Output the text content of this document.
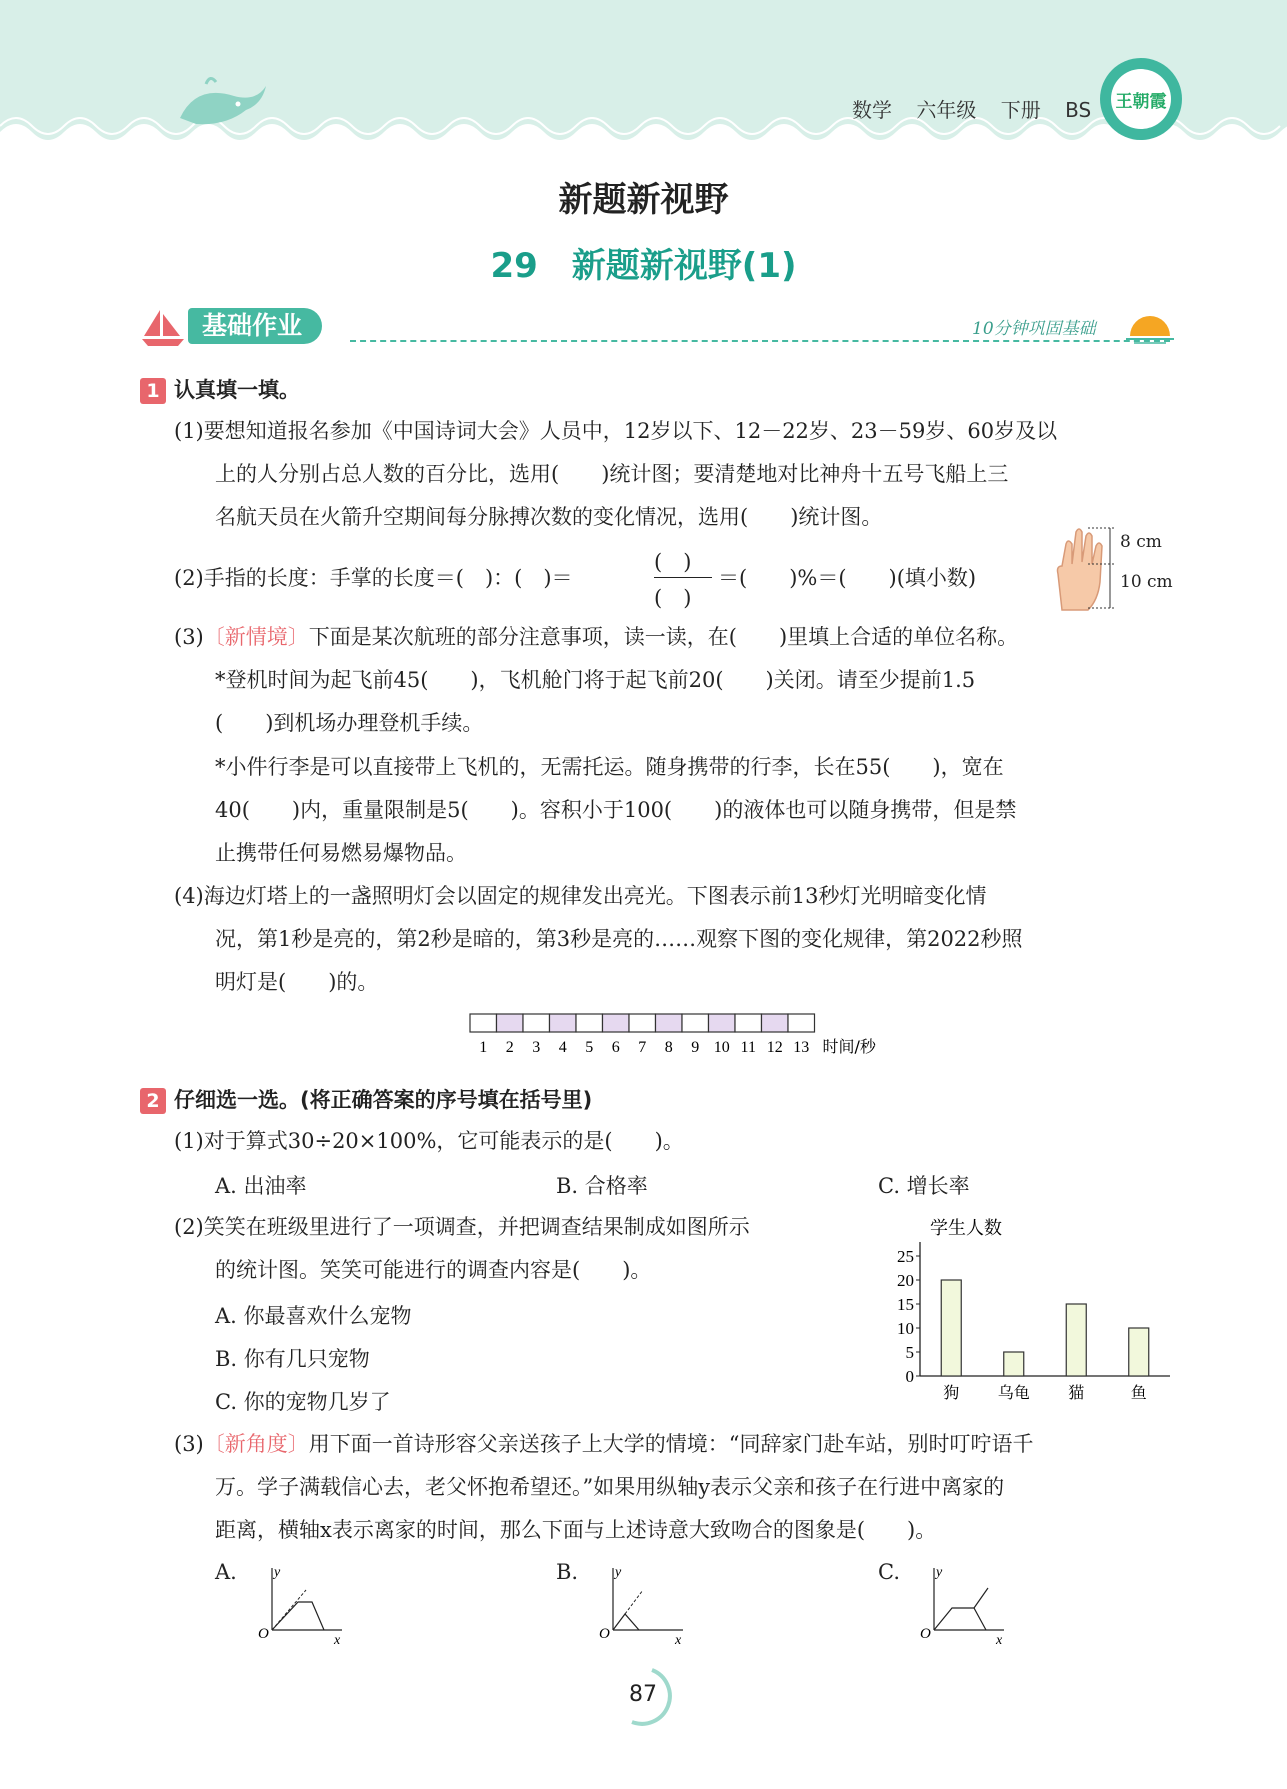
数学 六年级 下册 BS	王朝霞
新题新视野
29　新题新视野(1)
基础作业	10分钟巩固基础
1 认真填一填。
(1)要想知道报名参加《中国诗词大会》人员中，12岁以下、12－22岁、23－59岁、60岁及以
上的人分别占总人数的百分比，选用(　　)统计图；要清楚地对比神舟十五号飞船上三
名航天员在火箭升空期间每分脉搏次数的变化情况，选用(　　)统计图。
(2)手指的长度：手掌的长度＝(　)：(　)＝
(　)
(　)
＝(　　)%＝(　　)(填小数)
8 cm
10 cm
(3)〔新情境〕下面是某次航班的部分注意事项，读一读，在(　　)里填上合适的单位名称。
*登机时间为起飞前45(　　)，飞机舱门将于起飞前20(　　)关闭。请至少提前1.5
(　　)到机场办理登机手续。
*小件行李是可以直接带上飞机的，无需托运。随身携带的行李，长在55(　　)，宽在
40(　　)内，重量限制是5(　　)。容积小于100(　　)的液体也可以随身携带，但是禁
止携带任何易燃易爆物品。
(4)海边灯塔上的一盏照明灯会以固定的规律发出亮光。下图表示前13秒灯光明暗变化情
况，第1秒是亮的，第2秒是暗的，第3秒是亮的……观察下图的变化规律，第2022秒照
明灯是(　　)的。
1 2 3 4 5 6 7 8 9 10 11 12 13 时间/秒
2 仔细选一选。(将正确答案的序号填在括号里)
(1)对于算式30÷20×100%，它可能表示的是(　　)。
A. 出油率	B. 合格率	C. 增长率
(2)笑笑在班级里进行了一项调查，并把调查结果制成如图所示
的统计图。笑笑可能进行的调查内容是(　　)。
A. 你最喜欢什么宠物
B. 你有几只宠物
C. 你的宠物几岁了
学生人数
0
5
10
15
20
25
狗 乌龟 猫	鱼
(3)〔新角度〕用下面一首诗形容父亲送孩子上大学的情境：“同辞家门赴车站，别时叮咛语千
万。学子满载信心去，老父怀抱希望还。”如果用纵轴y表示父亲和孩子在行进中离家的
距离，横轴x表示离家的时间，那么下面与上述诗意大致吻合的图象是(　　)。
A.	B.	C.
y
O	x
y
O	x
y
O	x
87
